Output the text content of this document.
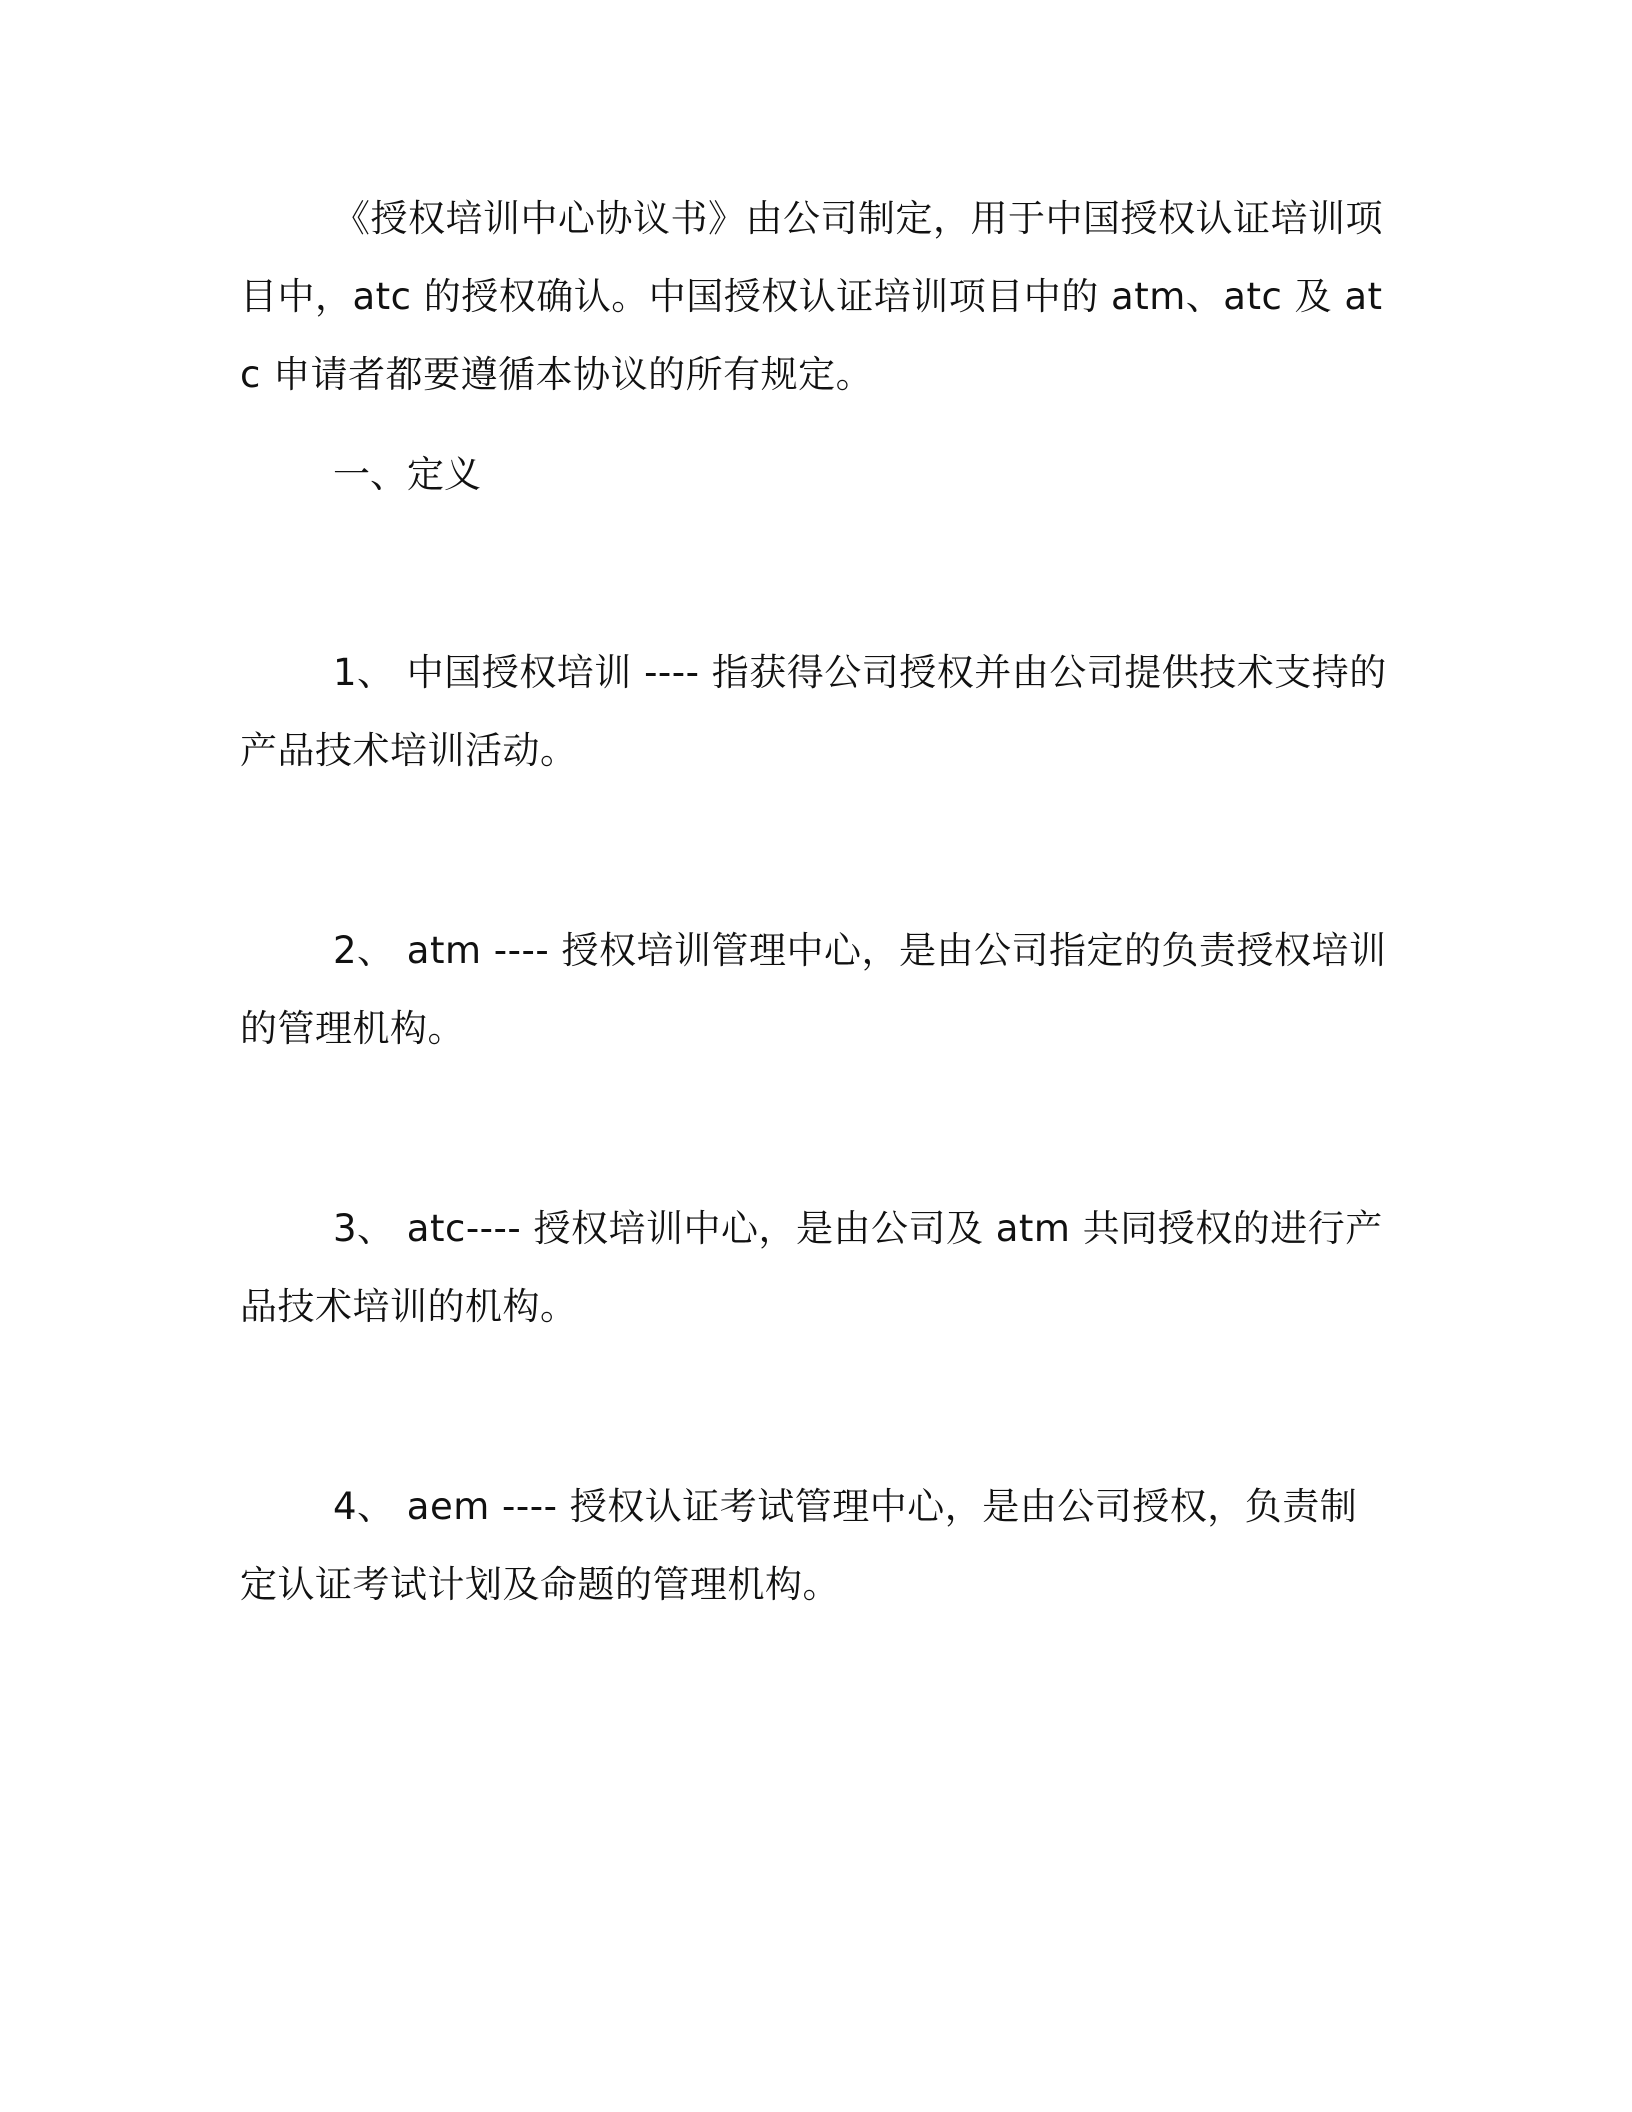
《授权培训中心协议书》由公司制定，用于中国授权认证培训项目中，atc 的授权确认。中国授权认证培训项目中的 atm、atc 及 atc 申请者都要遵循本协议的所有规定。

一、定义

1、 中国授权培训 ---- 指获得公司授权并由公司提供技术支持的产品技术培训活动。

2、 atm ---- 授权培训管理中心，是由公司指定的负责授权培训的管理机构。

3、 atc---- 授权培训中心，是由公司及 atm 共同授权的进行产品技术培训的机构。

4、 aem ---- 授权认证考试管理中心，是由公司授权，负责制定认证考试计划及命题的管理机构。
